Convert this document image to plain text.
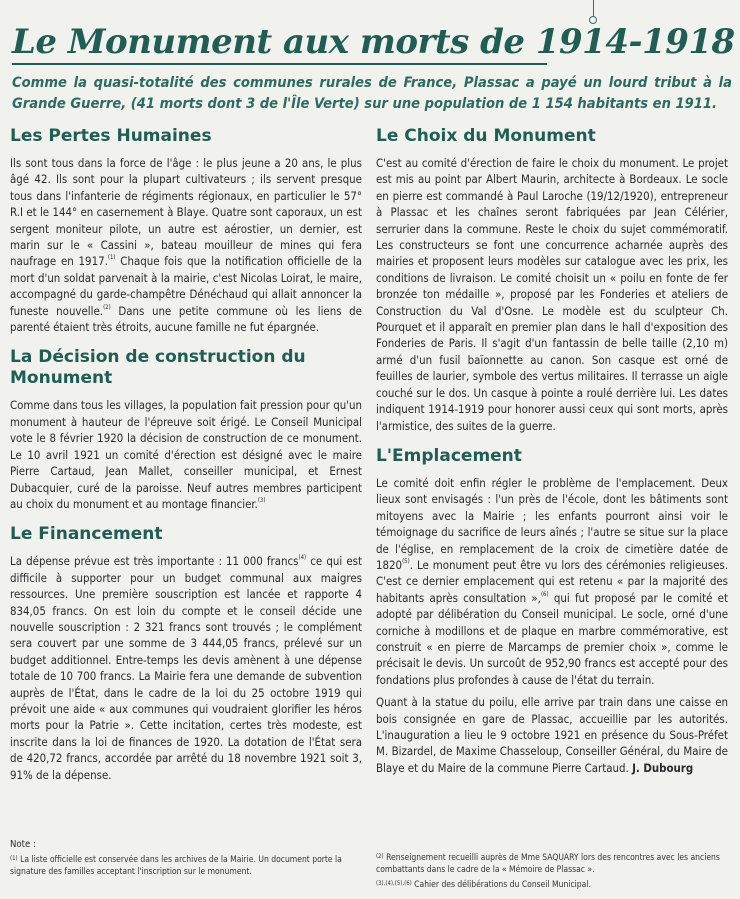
Le Monument aux morts de 1914-1918

Comme la quasi-totalité des communes rurales de France, Plassac a payé un lourd tribut à la Grande Guerre, (41 morts dont 3 de l'Île Verte) sur une population de 1 154 habitants en 1911.

Les Pertes Humaines

Ils sont tous dans la force de l'âge : le plus jeune a 20 ans, le plus âgé 42. Ils sont pour la plupart cultivateurs ; ils servent presque tous dans l'infanterie de régiments régionaux, en particulier le 57° R.I et le 144° en casernement à Blaye. Quatre sont caporaux, un est sergent moniteur pilote, un autre est aérostier, un dernier, est marin sur le « Cassini », bateau mouilleur de mines qui fera naufrage en 1917.$^{(1)}$ Chaque fois que la notification officielle de la mort d'un soldat parvenait à la mairie, c'est Nicolas Loirat, le maire, accompagné du garde-champêtre Dénéchaud qui allait annoncer la funeste nouvelle.$^{(2)}$ Dans une petite commune où les liens de parenté étaient très étroits, aucune famille ne fut épargnée.

La Décision de construction du Monument

Comme dans tous les villages, la population fait pression pour qu'un monument à hauteur de l'épreuve soit érigé. Le Conseil Municipal vote le 8 février 1920 la décision de construction de ce monument. Le 10 avril 1921 un comité d'érection est désigné avec le maire Pierre Cartaud, Jean Mallet, conseiller municipal, et Ernest Dubacquier, curé de la paroisse. Neuf autres membres participent au choix du monument et au montage financier.$^{(3)}$

Le Financement

La dépense prévue est très importante : 11 000 francs$^{(4)}$ ce qui est difficile à supporter pour un budget communal aux maigres ressources. Une première souscription est lancée et rapporte 4 834,05 francs. On est loin du compte et le conseil décide une nouvelle souscription : 2 321 francs sont trouvés ; le complément sera couvert par une somme de 3 444,05 francs, prélevé sur un budget additionnel. Entre-temps les devis amènent à une dépense totale de 10 700 francs. La Mairie fera une demande de subvention auprès de l'État, dans le cadre de la loi du 25 octobre 1919 qui prévoit une aide « aux communes qui voudraient glorifier les héros morts pour la Patrie ». Cette incitation, certes très modeste, est inscrite dans la loi de finances de 1920. La dotation de l'État sera de 420,72 francs, accordée par arrêté du 18 novembre 1921 soit 3, 91% de la dépense.

Le Choix du Monument

C'est au comité d'érection de faire le choix du monument. Le projet est mis au point par Albert Maurin, architecte à Bordeaux. Le socle en pierre est commandé à Paul Laroche (19/12/1920), entrepreneur à Plassac et les chaînes seront fabriquées par Jean Célérier, serrurier dans la commune. Reste le choix du sujet commémoratif. Les constructeurs se font une concurrence acharnée auprès des mairies et proposent leurs modèles sur catalogue avec les prix, les conditions de livraison. Le comité choisit un « poilu en fonte de fer bronzée ton médaille », proposé par les Fonderies et ateliers de Construction du Val d'Osne. Le modèle est du sculpteur Ch. Pourquet et il apparaît en premier plan dans le hall d'exposition des Fonderies de Paris. Il s'agit d'un fantassin de belle taille (2,10 m) armé d'un fusil baïonnette au canon. Son casque est orné de feuilles de laurier, symbole des vertus militaires. Il terrasse un aigle couché sur le dos. Un casque à pointe a roulé derrière lui. Les dates indiquent 1914-1919 pour honorer aussi ceux qui sont morts, après l'armistice, des suites de la guerre.

L'Emplacement

Le comité doit enfin régler le problème de l'emplacement. Deux lieux sont envisagés : l'un près de l'école, dont les bâtiments sont mitoyens avec la Mairie ; les enfants pourront ainsi voir le témoignage du sacrifice de leurs aînés ; l'autre se situe sur la place de l'église, en remplacement de la croix de cimetière datée de 1820$^{(5)}$. Le monument peut être vu lors des cérémonies religieuses. C'est ce dernier emplacement qui est retenu « par la majorité des habitants après consultation »,$^{(6)}$ qui fut proposé par le comité et adopté par délibération du Conseil municipal. Le socle, orné d'une corniche à modillons et de plaque en marbre commémorative, est construit « en pierre de Marcamps de premier choix », comme le précisait le devis. Un surcoût de 952,90 francs est accepté pour des fondations plus profondes à cause de l'état du terrain.

Quant à la statue du poilu, elle arrive par train dans une caisse en bois consignée en gare de Plassac, accueillie par les autorités. L'inauguration a lieu le 9 octobre 1921 en présence du Sous-Préfet M. Bizardel, de Maxime Chasseloup, Conseiller Général, du Maire de Blaye et du Maire de la commune Pierre Cartaud. J. Dubourg

Note :

$^{(1)}$ La liste officielle est conservée dans les archives de la Mairie. Un document porte la signature des familles acceptant l'inscription sur le monument.

$^{(2)}$ Renseignement recueilli auprès de Mme SAQUARY lors des rencontres avec les anciens combattants dans le cadre de la « Mémoire de Plassac ».

$^{(3),(4),(5),(6)}$ Cahier des délibérations du Conseil Municipal.
